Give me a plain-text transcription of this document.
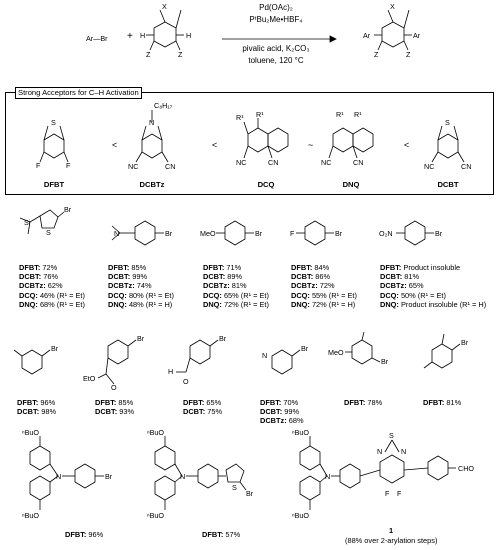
Ar—Br +
X
H	H
Z	Z
Pd(OAc)₂
PᵗBu₂Me•HBF₄
pivalic acid, K₂CO₃
toluene, 120 °C
X
Ar	Ar
Z	Z
Strong Acceptors for C–H Activation
S
F	F
C₈H₁₇
N
NC	CN
R¹ R¹
NC	CN
R¹ R¹
NC	CN
S
NC	CN
DFBT	DCBTz	DCQ	DNQ	DCBT
<	<	~	<
Br
S
Si
N	Br	MeO	Br	F	Br	O₂N	Br
DFBT: 72%
DCBT: 76%
DCBTz: 62%
DCQ: 46% (R¹ = Et)
DNQ: 68% (R¹ = Et)
DFBT: 85%
DCBT: 99%
DCBTz: 74%
DCQ: 80% (R¹ = Et)
DNQ: 48% (R¹ = H)
DFBT: 71%
DCBT: 89%
DCBTz: 81%
DCQ: 65% (R¹ = Et)
DNQ: 72% (R¹ = Et)
DFBT: 84%
DCBT: 86%
DCBTz: 72%
DCQ: 55% (R¹ = Et)
DNQ: 72% (R¹ = H)
DFBT: Product insoluble
DCBT: 81%
DCBTz: 65%
DCQ: 50% (R¹ = Et)
DNQ: Product insoluble (R¹ = H)
Br
Br
EtO
O
Br
H
O
Br
N	MeO
Br
Br
DFBT: 96%
DCBT: 98%
DFBT: 85%
DCBT: 93%
DFBT: 65%
DCBT: 75%
DFBT: 70%
DCBT: 99%
DCBTz: 68%
DFBT: 78%	DFBT: 81%
ⁿBuO
ⁿBuO
N	Br
ⁿBuO
ⁿBuO
N
S
Br
ⁿBuO
ⁿBuO
N
S
N	N
F F
CHO
DFBT: 96%	DFBT: 57%	1
(88% over 2-arylation steps)
